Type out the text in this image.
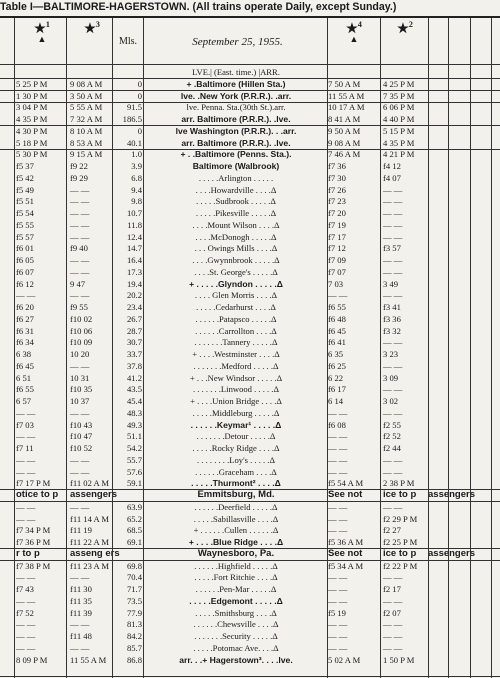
Table I—BALTIMORE-HAGERSTOWN. (All trains operate Daily, except Sunday.)
★$^1$
▲
★$^3$
Mls.	September 25, 1955.
★$^4$
▲
★$^2$
LVE.| (East. time.) |ARR.
5 25 P M	9 08 A M	0	+ .Baltimore (Hillen Sta.)	7 50 A M	4 25 P M
1 30 P M	3 50 A M	0	lve. .New York (P.R.R.). .arr.	11 55 A M	7 35 P M
3 04 P M	5 55 A M	91.5	lve. Penna. Sta.(30th St.).arr.	10 17 A M	6 06 P M
4 35 P M	7 32 A M	186.5	arr. Baltimore (P.R.R.). .lve.	8 41 A M	4 40 P M
4 30 P M	8 10 A M	0	lve Washington (P.R.R.). . .arr.	9 50 A M	5 15 P M
5 18 P M	8 53 A M	40.1	arr. Baltimore (P.R.R.). .lve.	9 08 A M	4 35 P M
5 30 P M	9 15 A M	1.0	+ . .Baltimore (Penns. Sta.).	7 46 A M	4 21 P M
f5 37	f9 22	3.9	Baltimore (Walbrook)	f7 36	f4 12
f5 42	f9 29	6.8	. . . . .Arlington . . . . .	f7 30	f4 07
f5 49	— —	9.4	. . . .Howardville . . . .Δ	f7 26	— —
f5 51	— —	9.8	. . . . .Sudbrook . . . . .Δ	f7 23	— —
f5 54	— —	10.7	. . . . .Pikesville . . . . .Δ	f7 20	— —
f5 55	— —	11.8	. . . .Mount Wilson . . . .Δ	f7 19	— —
f5 57	— —	12.4	. . . .McDonogh . . . . .Δ	f7 17	— —
f6 01	f9 40	14.7	. . . Owings Mills . . . .Δ	f7 12	f3 57
f6 05	— —	16.4	. . . .Gwynnbrook . . . . .Δ	f7 09	— —
f6 07	— —	17.3	. . . .St. George's . . . . .Δ	f7 07	— —
f6 12	9 47	19.4	+ . . . . .Glyndon . . . . .Δ	7 03	3 49
— —	— —	20.2	. . . . Glen Morris . . . .Δ	— —	— —
f6 20	f9 55	23.4	. . . . .Cedarhurst . . . .Δ	f6 55	f3 41
f6 27	f10 02	26.7	. . . . . .Patapsco . . . . .Δ	f6 48	f3 36
f6 31	f10 06	28.7	. . . . . .Carrollton . . . .Δ	f6 45	f3 32
f6 34	f10 09	30.7	. . . . . . .Tannery . . . . .Δ	f6 41	— —
6 38	10 20	33.7	+ . . . .Westminster . . . .Δ	6 35	3 23
f6 45	— —	37.8	. . . . . . .Medford . . . . .Δ	f6 25	— —
6 51	10 31	41.2	+ . . .New Windsor . . . . .Δ	6 22	3 09
f6 55	f10 35	43.5	. . . . . . .Linwood . . . . .Δ	f6 17	— —
6 57	10 37	45.4	+ . . . .Union Bridge . . . .Δ	6 14	3 02
— —	— —	48.3	. . . . .Middleburg . . . . .Δ	— —	— —
f7 03	f10 43	49.3	. . . . . .Keymar¹ . . . . .Δ	f6 08	f2 55
— —	f10 47	51.1	. . . . . . .Detour . . . . .Δ	— —	f2 52
f7 11	f10 52	54.2	. . . . .Rocky Ridge . . . .Δ	— —	f2 44
— —	— —	55.7	. . . . . . . .Loy's . . . . .Δ	— —	— —
— —	— —	57.6	. . . . . .Graceham . . . .Δ	— —	— —
f7 17 P M	f11 02 A M	59.1	. . . . .Thurmont² . . . .Δ	f5 54 A M	2 38 P M
otice to p	assengers	Emmitsburg, Md.	See not	ice to p	assengers
— —	— —	63.9	. . . . . .Deerfield . . . . .Δ	— —	— —
— —	f11 14 A M	65.2	. . . . .Sabillasville . . . .Δ	— —	f2 29 P M
f7 34 P M	f11 19	68.5	+ . . . . . .Cullen . . . . . .Δ	— —	f2 27
f7 36 P M	f11 22 A M	69.1	+ . . . .Blue Ridge . . . .Δ	f5 36 A M	f2 25 P M
r to p	asseng ers	Waynesboro, Pa.	See not	ice to p	assengers
f7 38 P M	f11 23 A M	69.8	. . . . . .Highfield . . . . .Δ	f5 34 A M	f2 22 P M
— —	— —	70.4	. . . . .Fort Ritchie . . . .Δ	— —	— —
f7 43	f11 30	71.7	. . . . . .Pen-Mar . . . . .Δ	— —	f2 17
— —	f11 35	73.5	. . . . .Edgemont . . . . .Δ	— —	— —
f7 52	f11 39	77.9	. . . . .Smithsburg . . . .Δ	f5 19	f2 07
— —	— —	81.3	. . . . . .Chewsville . . . .Δ	— —	— —
— —	f11 48	84.2	. . . . . . .Security . . . . .Δ	— —	— —
— —	— —	85.7	. . . . .Potomac Ave. . . .Δ	— —	— —
8 09 P M	11 55 A M	86.8	arr. . .+ Hagerstown³. . . .lve.	5 02 A M	1 50 P M
